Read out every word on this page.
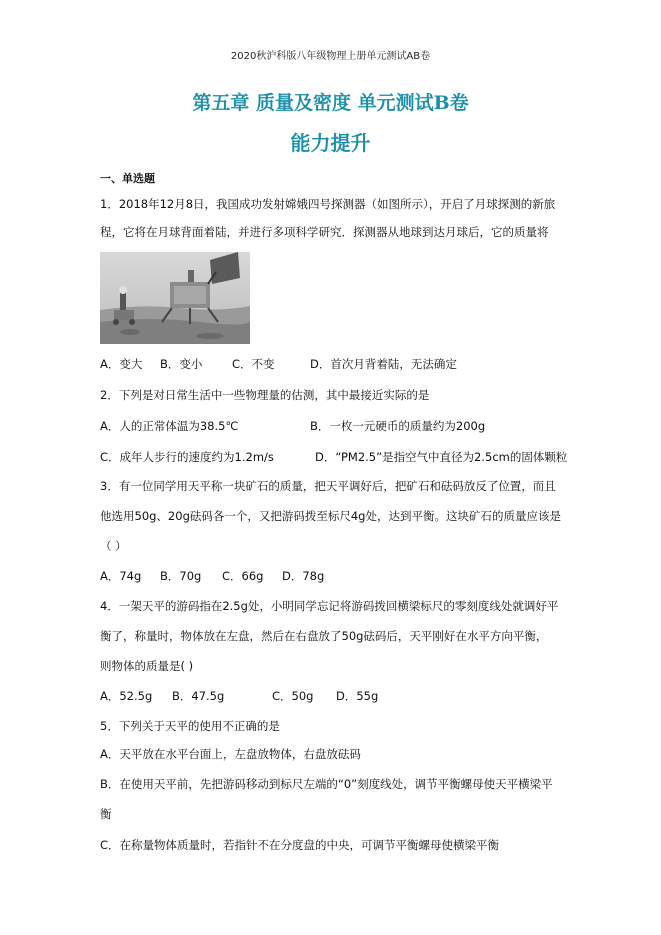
2020秋沪科版八年级物理上册单元测试AB卷
第五章 质量及密度 单元测试B卷
能力提升
一、单选题
1．2018年12月8日，我国成功发射嫦娥四号探测器（如图所示），开启了月球探测的新旅
程，它将在月球背面着陆，并进行多项科学研究．探测器从地球到达月球后，它的质量将
A．变大 B．变小	C．不变	D．首次月背着陆，无法确定
2．下列是对日常生活中一些物理量的估测，其中最接近实际的是
A．人的正常体温为38.5℃	B．一枚一元硬币的质量约为200g
C．成年人步行的速度约为1.2m/s	D．“PM2.5”是指空气中直径为2.5cm的固体颗粒
3．有一位同学用天平称一块矿石的质量，把天平调好后，把矿石和砝码放反了位置，而且
他选用50g、20g砝码各一个，又把游码拨至标尺4g处，达到平衡。这块矿石的质量应该是
（ ）
A．74g B．70g C．66g D．78g
4．一架天平的游码指在2.5g处，小明同学忘记将游码拨回横梁标尺的零刻度线处就调好平
衡了，称量时，物体放在左盘，然后在右盘放了50g砝码后，天平刚好在水平方向平衡，
则物体的质量是( )
A．52.5g B．47.5g	C．50g D．55g
5．下列关于天平的使用不正确的是
A．天平放在水平台面上，左盘放物体，右盘放砝码
B．在使用天平前，先把游码移动到标尺左端的“0”刻度线处，调节平衡螺母使天平横梁平
衡
C．在称量物体质量时，若指针不在分度盘的中央，可调节平衡螺母使横梁平衡
